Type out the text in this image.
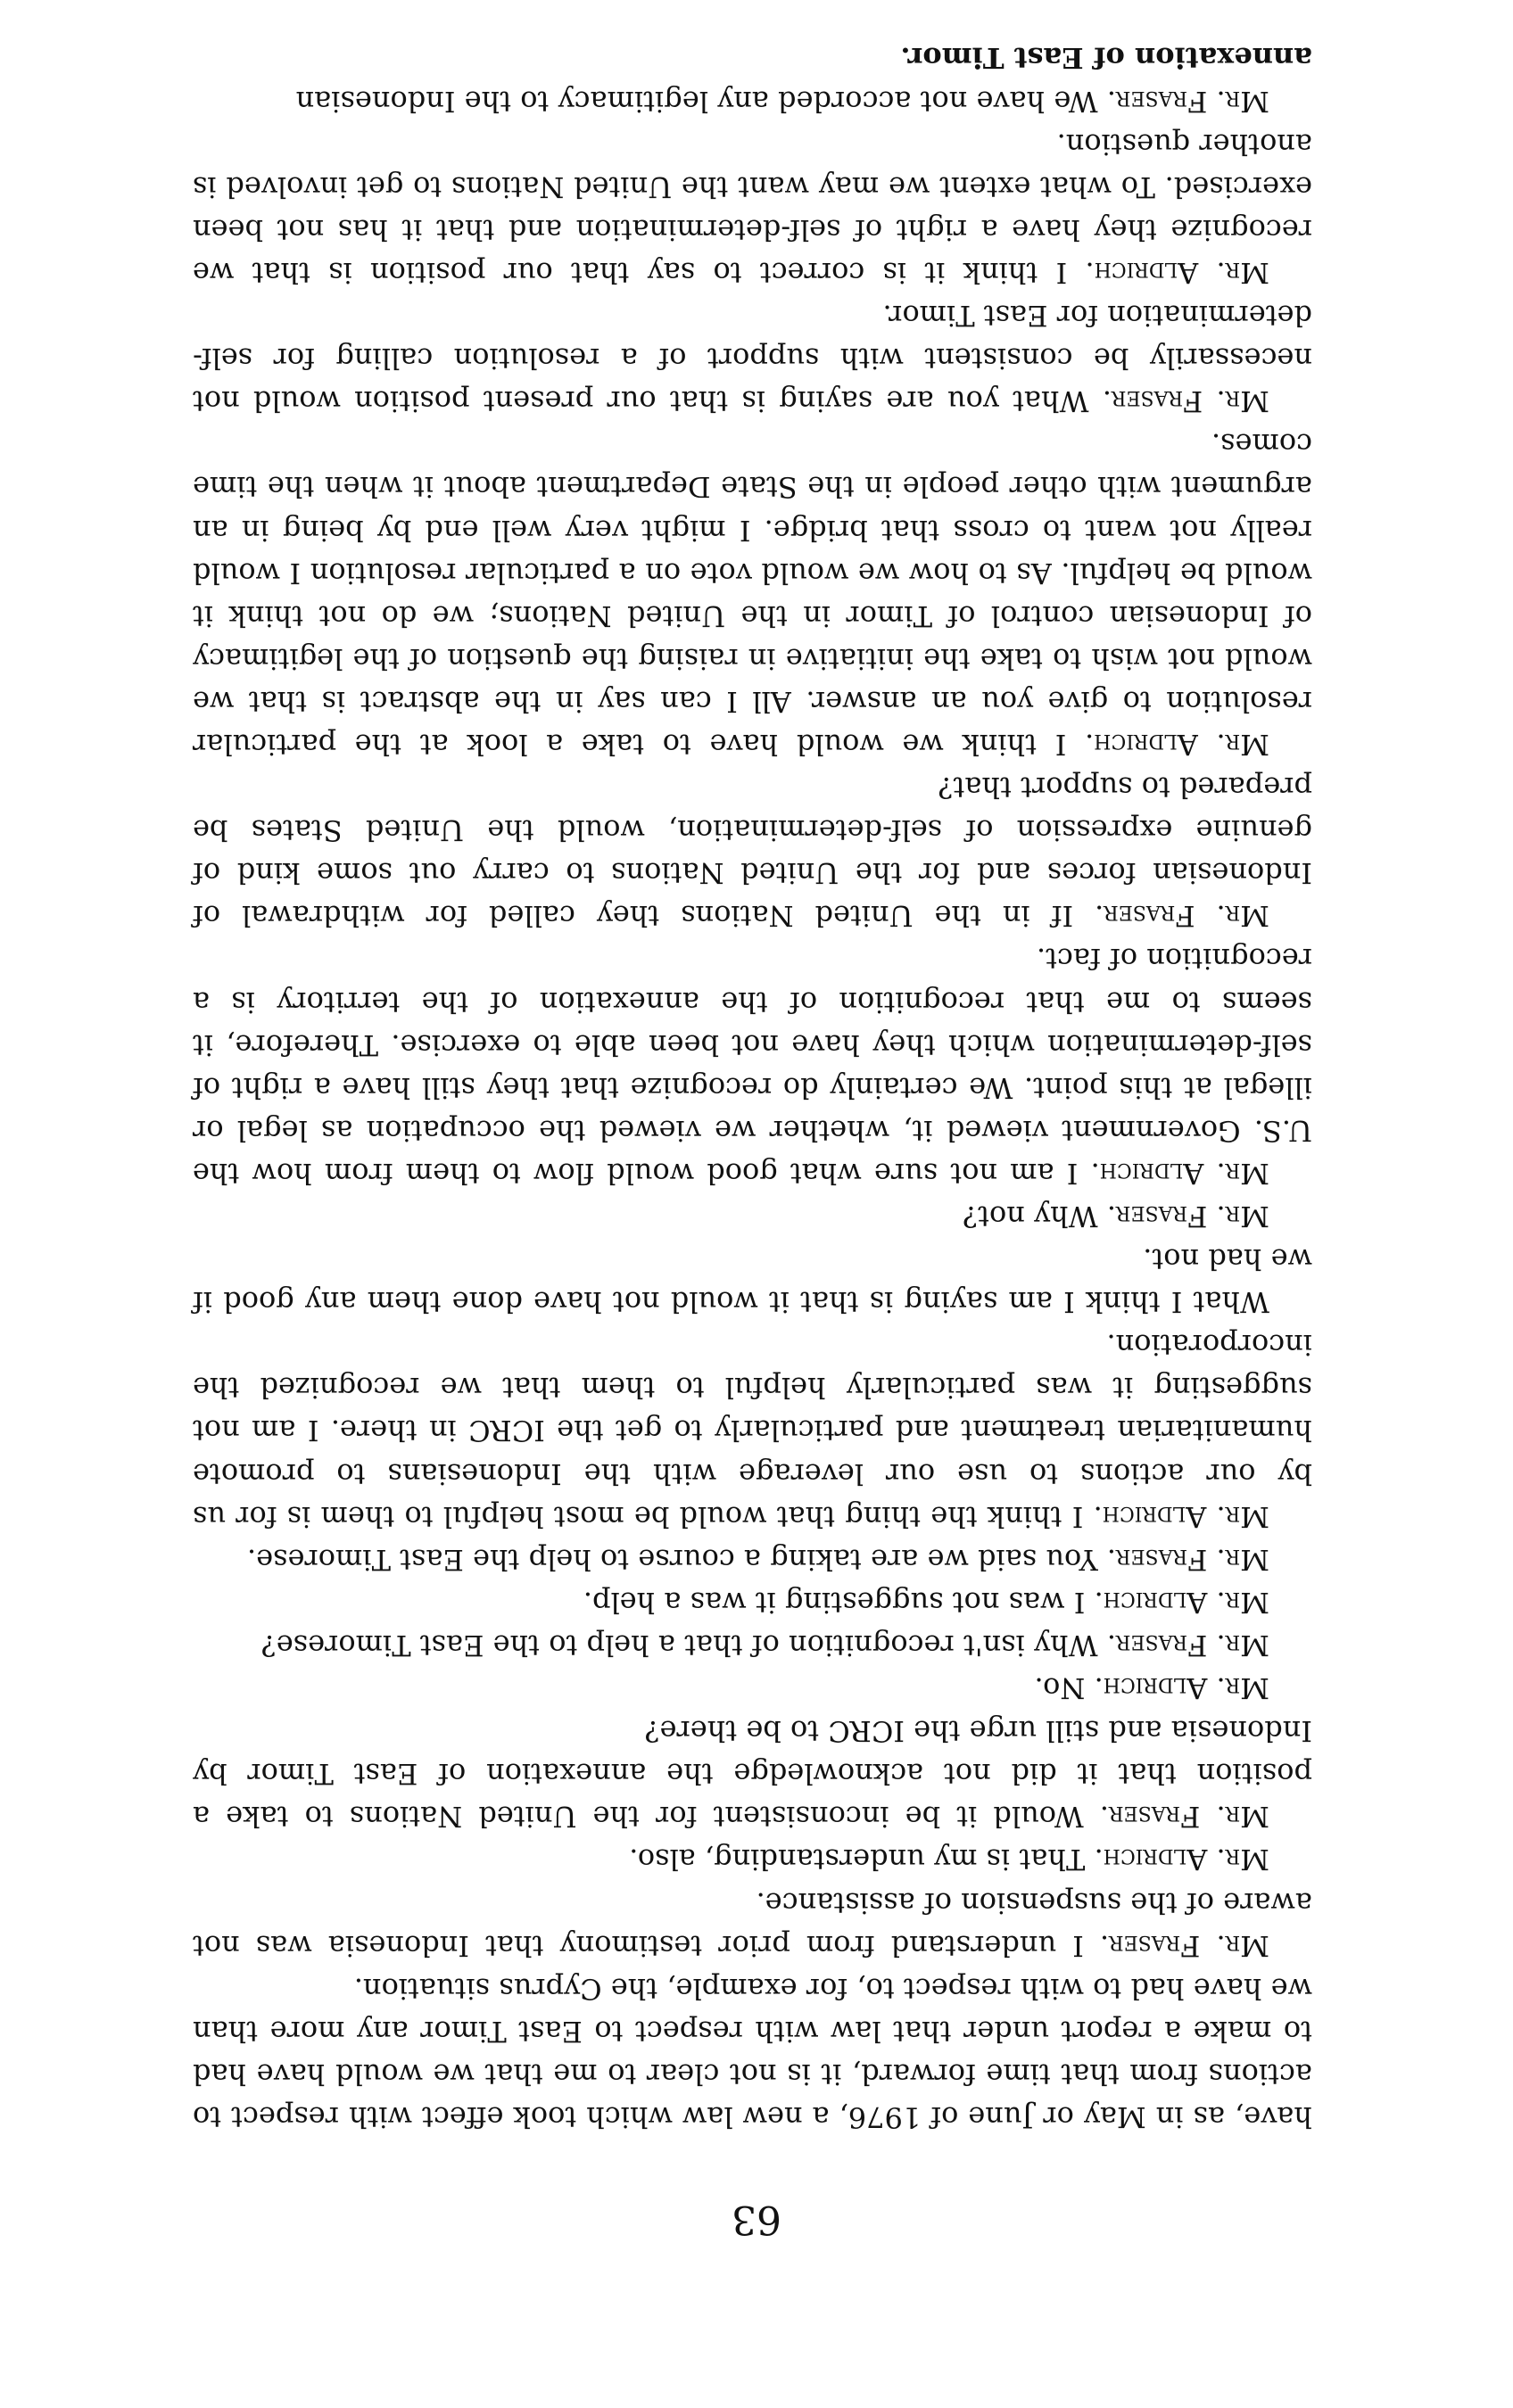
63

have, as in May or June of 1976, a new law which took effect with respect to actions from that time forward, it is not clear to me that we would have had to make a report under that law with respect to East Timor any more than we have had to with respect to, for example, the Cyprus situation.

Mr. Fraser. I understand from prior testimony that Indonesia was not aware of the suspension of assistance.

Mr. Aldrich. That is my understanding, also.

Mr. Fraser. Would it be inconsistent for the United Nations to take a position that it did not acknowledge the annexation of East Timor by Indonesia and still urge the ICRC to be there?

Mr. Aldrich. No.

Mr. Fraser. Why isn't recognition of that a help to the East Timorese?

Mr. Aldrich. I was not suggesting it was a help.

Mr. Fraser. You said we are taking a course to help the East Timorese.

Mr. Aldrich. I think the thing that would be most helpful to them is for us by our actions to use our leverage with the Indonesians to promote humanitarian treatment and particularly to get the ICRC in there. I am not suggesting it was particularly helpful to them that we recognized the incorporation.

What I think I am saying is that it would not have done them any good if we had not.

Mr. Fraser. Why not?

Mr. Aldrich. I am not sure what good would flow to them from how the U.S. Government viewed it, whether we viewed the occupation as legal or illegal at this point. We certainly do recognize that they still have a right of self-determination which they have not been able to exercise. Therefore, it seems to me that recognition of the annexation of the territory is a recognition of fact.

Mr. Fraser. If in the United Nations they called for withdrawal of Indonesian forces and for the United Nations to carry out some kind of genuine expression of self-determination, would the United States be prepared to support that?

Mr. Aldrich. I think we would have to take a look at the particular resolution to give you an answer. All I can say in the abstract is that we would not wish to take the initiative in raising the question of the legitimacy of Indonesian control of Timor in the United Nations; we do not think it would be helpful. As to how we would vote on a particular resolution I would really not want to cross that bridge. I might very well end by being in an argument with other people in the State Department about it when the time comes.

Mr. Fraser. What you are saying is that our present position would not necessarily be consistent with support of a resolution calling for self-determination for East Timor.

Mr. Aldrich. I think it is correct to say that our position is that we recognize they have a right of self-determination and that it has not been exercised. To what extent we may want the United Nations to get involved is another question.

Mr. Fraser. We have not accorded any legitimacy to the Indonesian

annexation of East Timor.
